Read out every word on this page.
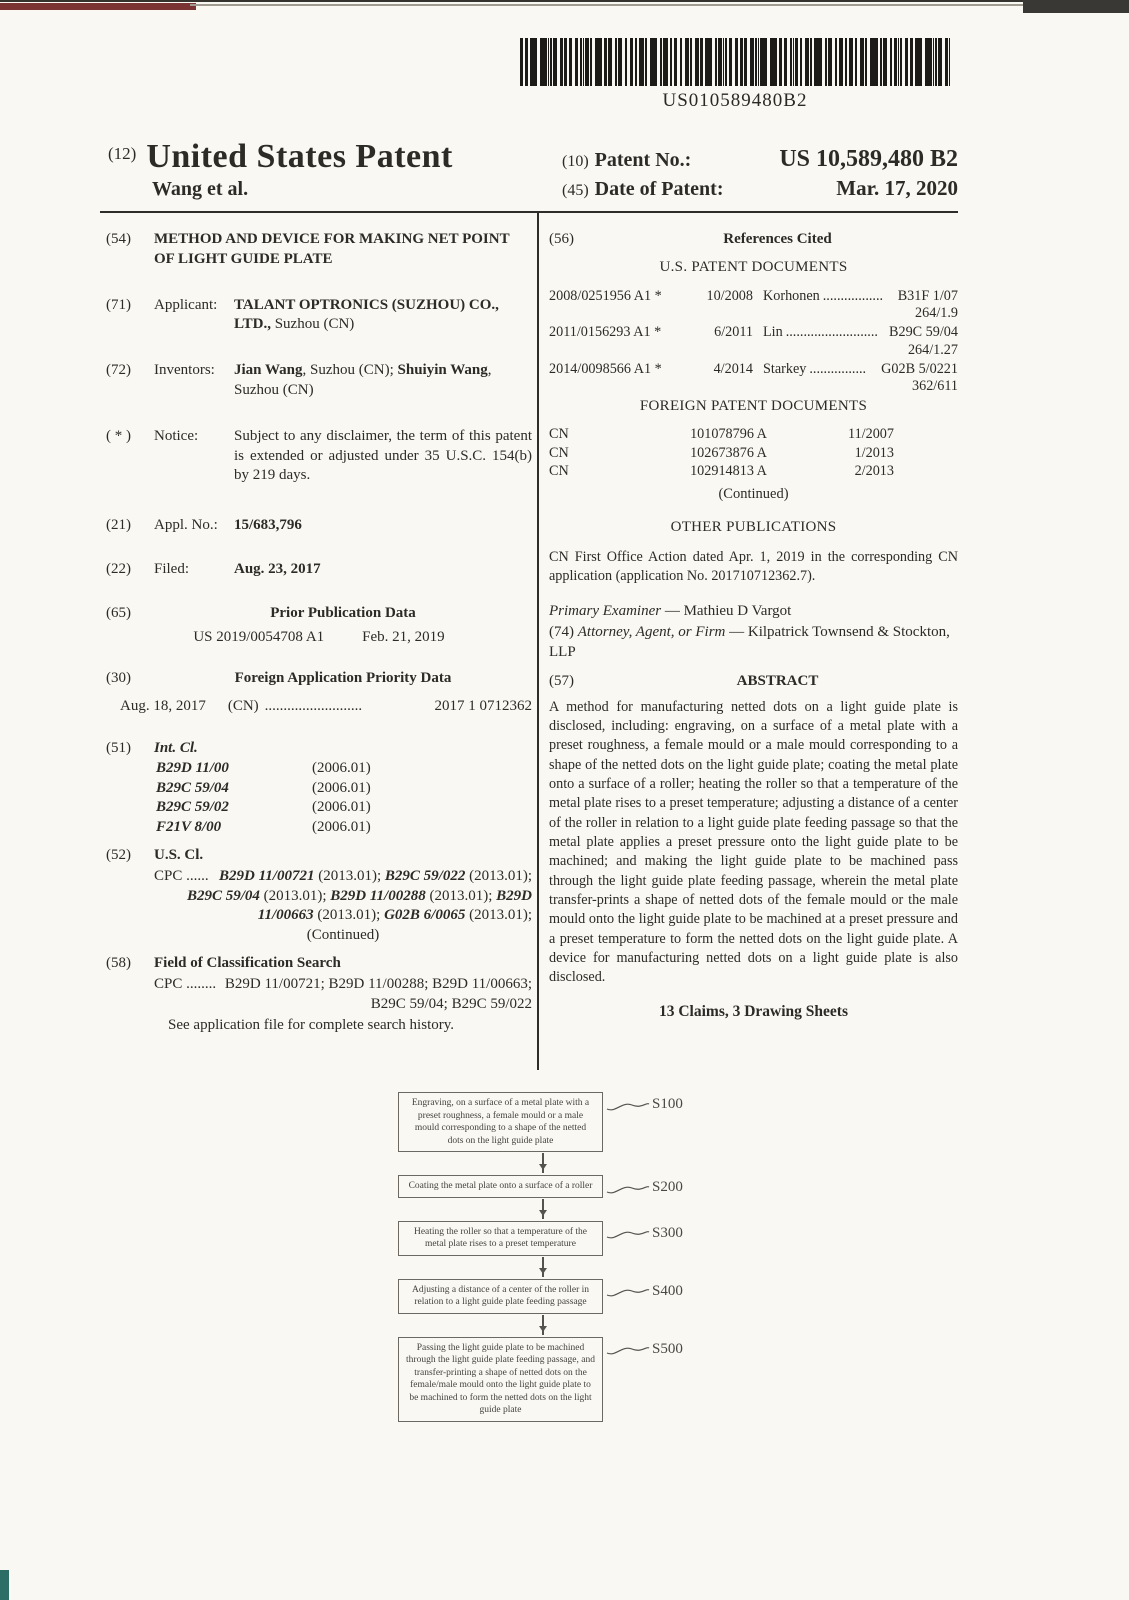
US010589480B2
(12) United States Patent
Wang et al.
(10) Patent No.:	US 10,589,480 B2
(45) Date of Patent:	Mar. 17, 2020
(54)	METHOD AND DEVICE FOR MAKING NET POINT OF LIGHT GUIDE PLATE
(71)	Applicant:	TALANT OPTRONICS (SUZHOU) CO., LTD., Suzhou (CN)
(72)	Inventors:	Jian Wang, Suzhou (CN); Shuiyin Wang, Suzhou (CN)
( * )	Notice:	Subject to any disclaimer, the term of this patent is extended or adjusted under 35 U.S.C. 154(b) by 219 days.
(21)	Appl. No.:	15/683,796
(22)	Filed:	Aug. 23, 2017
(65)	Prior Publication Data
US 2019/0054708 A1	Feb. 21, 2019
(30)	Foreign Application Priority Data
Aug. 18, 2017 (CN) ..........................	2017 1 0712362
(51)	Int. Cl.
B29D 11/00	(2006.01)
B29C 59/04	(2006.01)
B29C 59/02	(2006.01)
F21V 8/00	(2006.01)
(52)	U.S. Cl.
CPC ...... B29D 11/00721 (2013.01); B29C 59/022 (2013.01); B29C 59/04 (2013.01); B29D 11/00288 (2013.01); B29D 11/00663 (2013.01); G02B 6/0065 (2013.01);
(Continued)
(58)	Field of Classification Search
CPC ........ B29D 11/00721; B29D 11/00288; B29D 11/00663; B29C 59/04; B29C 59/022
See application file for complete search history.
(56)	References Cited
U.S. PATENT DOCUMENTS
2008/0251956 A1 *	10/2008 Korhonen .................	B31F 1/07
264/1.9
2011/0156293 A1 *	6/2011 Lin .......................... B29C 59/04
264/1.27
2014/0098566 A1 *	4/2014 Starkey ................	G02B 5/0221
362/611
FOREIGN PATENT DOCUMENTS
CN	101078796 A	11/2007
CN	102673876 A	1/2013
CN	102914813 A	2/2013
(Continued)
OTHER PUBLICATIONS
CN First Office Action dated Apr. 1, 2019 in the corresponding CN application (application No. 201710712362.7).
Primary Examiner — Mathieu D Vargot
(74) Attorney, Agent, or Firm — Kilpatrick Townsend & Stockton, LLP
(57)	ABSTRACT
A method for manufacturing netted dots on a light guide plate is disclosed, including: engraving, on a surface of a metal plate with a preset roughness, a female mould or a male mould corresponding to a shape of the netted dots on the light guide plate; coating the metal plate onto a surface of a roller; heating the roller so that a temperature of the metal plate rises to a preset temperature; adjusting a distance of a center of the roller in relation to a light guide plate feeding passage so that the metal plate applies a preset pressure onto the light guide plate to be machined; and making the light guide plate to be machined pass through the light guide plate feeding passage, wherein the metal plate transfer-prints a shape of netted dots of the female mould or the male mould onto the light guide plate to be machined at a preset pressure and a preset temperature to form the netted dots on the light guide plate. A device for manufacturing netted dots on a light guide plate is also disclosed.
13 Claims, 3 Drawing Sheets
Engraving, on a surface of a metal plate with a preset roughness, a female mould or a male mould corresponding to a shape of the netted dots on the light guide plate
S100
Coating the metal plate onto a surface of a roller	S200
Heating the roller so that a temperature of the metal plate rises to a preset temperature
S300
Adjusting a distance of a center of the roller in relation to a light guide plate feeding passage
S400
Passing the light guide plate to be machined through the light guide plate feeding passage, and transfer-printing a shape of netted dots on the female/male mould onto the light guide plate to be machined to form the netted dots on the light guide plate
S500
